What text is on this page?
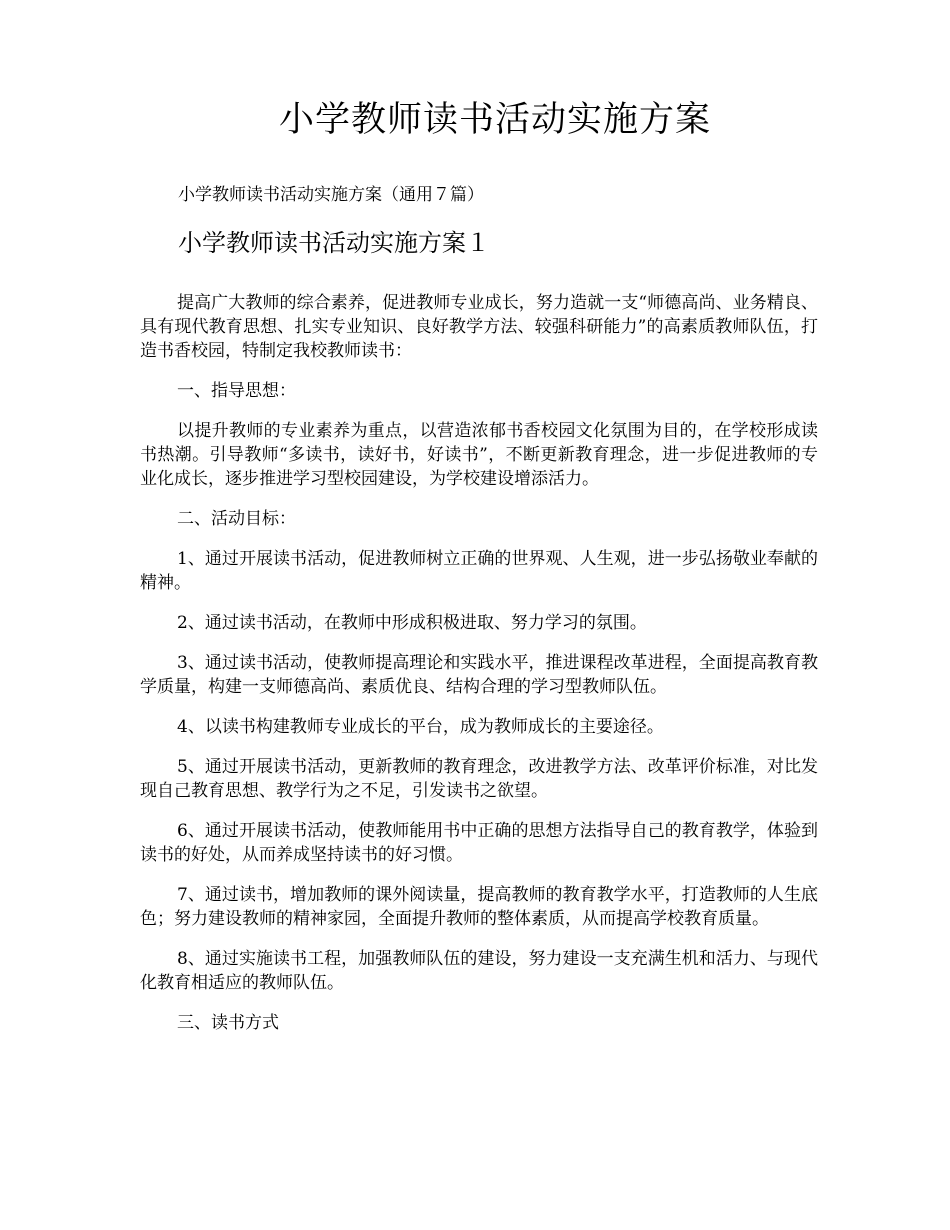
小学教师读书活动实施方案

小学教师读书活动实施方案（通用７篇）

小学教师读书活动实施方案１

提高广大教师的综合素养，促进教师专业成长，努力造就一支“师德高尚、业务精良、具有现代教育思想、扎实专业知识、良好教学方法、较强科研能力”的高素质教师队伍，打造书香校园，特制定我校教师读书：

一、指导思想：

以提升教师的专业素养为重点，以营造浓郁书香校园文化氛围为目的，在学校形成读书热潮。引导教师“多读书，读好书，好读书”，不断更新教育理念，进一步促进教师的专业化成长，逐步推进学习型校园建设，为学校建设增添活力。

二、活动目标：

1、通过开展读书活动，促进教师树立正确的世界观、人生观，进一步弘扬敬业奉献的精神。

2、通过读书活动，在教师中形成积极进取、努力学习的氛围。

3、通过读书活动，使教师提高理论和实践水平，推进课程改革进程，全面提高教育教学质量，构建一支师德高尚、素质优良、结构合理的学习型教师队伍。

4、以读书构建教师专业成长的平台，成为教师成长的主要途径。

5、通过开展读书活动，更新教师的教育理念，改进教学方法、改革评价标准，对比发现自己教育思想、教学行为之不足，引发读书之欲望。

6、通过开展读书活动，使教师能用书中正确的思想方法指导自己的教育教学，体验到读书的好处，从而养成坚持读书的好习惯。

7、通过读书，增加教师的课外阅读量，提高教师的教育教学水平，打造教师的人生底色；努力建设教师的精神家园，全面提升教师的整体素质，从而提高学校教育质量。

8、通过实施读书工程，加强教师队伍的建设，努力建设一支充满生机和活力、与现代化教育相适应的教师队伍。

三、读书方式
